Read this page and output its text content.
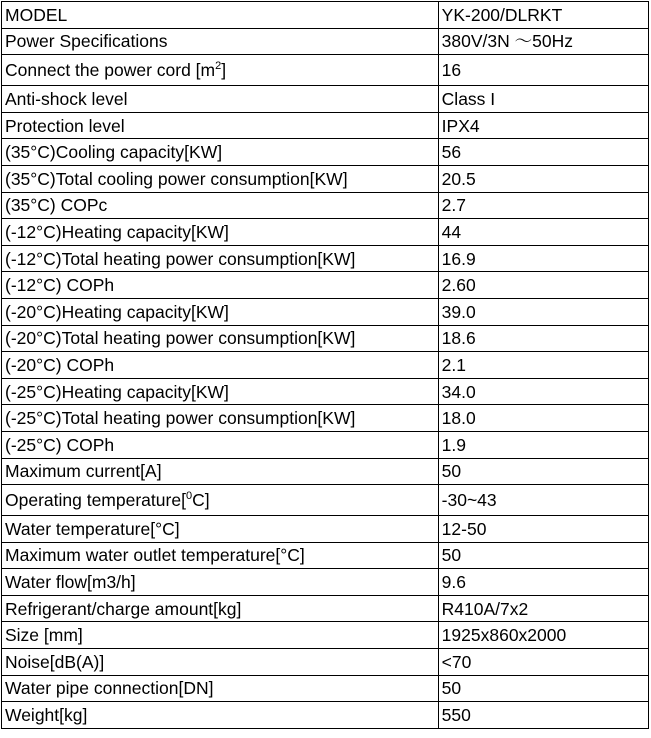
MODEL	YK-200/DLRKT
Power Specifications	380V/3N ～50Hz
Connect the power cord $[m^2]$	16
Anti-shock level	Class I
Protection level	IPX4
(35°C)Cooling capacity[KW]	56
(35°C)Total cooling power consumption[KW]	20.5
(35°C) COPc	2.7
(-12°C)Heating capacity[KW]	44
(-12°C)Total heating power consumption[KW]	16.9
(-12°C) COPh	2.60
(-20°C)Heating capacity[KW]	39.0
(-20°C)Total heating power consumption[KW]	18.6
(-20°C) COPh	2.1
(-25°C)Heating capacity[KW]	34.0
(-25°C)Total heating power consumption[KW]	18.0
(-25°C) COPh	1.9
Maximum current[A]	50
Operating temperature[$^0$C]	-30~43
Water temperature[°C]	12-50
Maximum water outlet temperature[°C]	50
Water flow[m3/h]	9.6
Refrigerant/charge amount[kg]	R410A/7x2
Size [mm]	1925x860x2000
Noise[dB(A)]	<70
Water pipe connection[DN]	50
Weight[kg]	550
